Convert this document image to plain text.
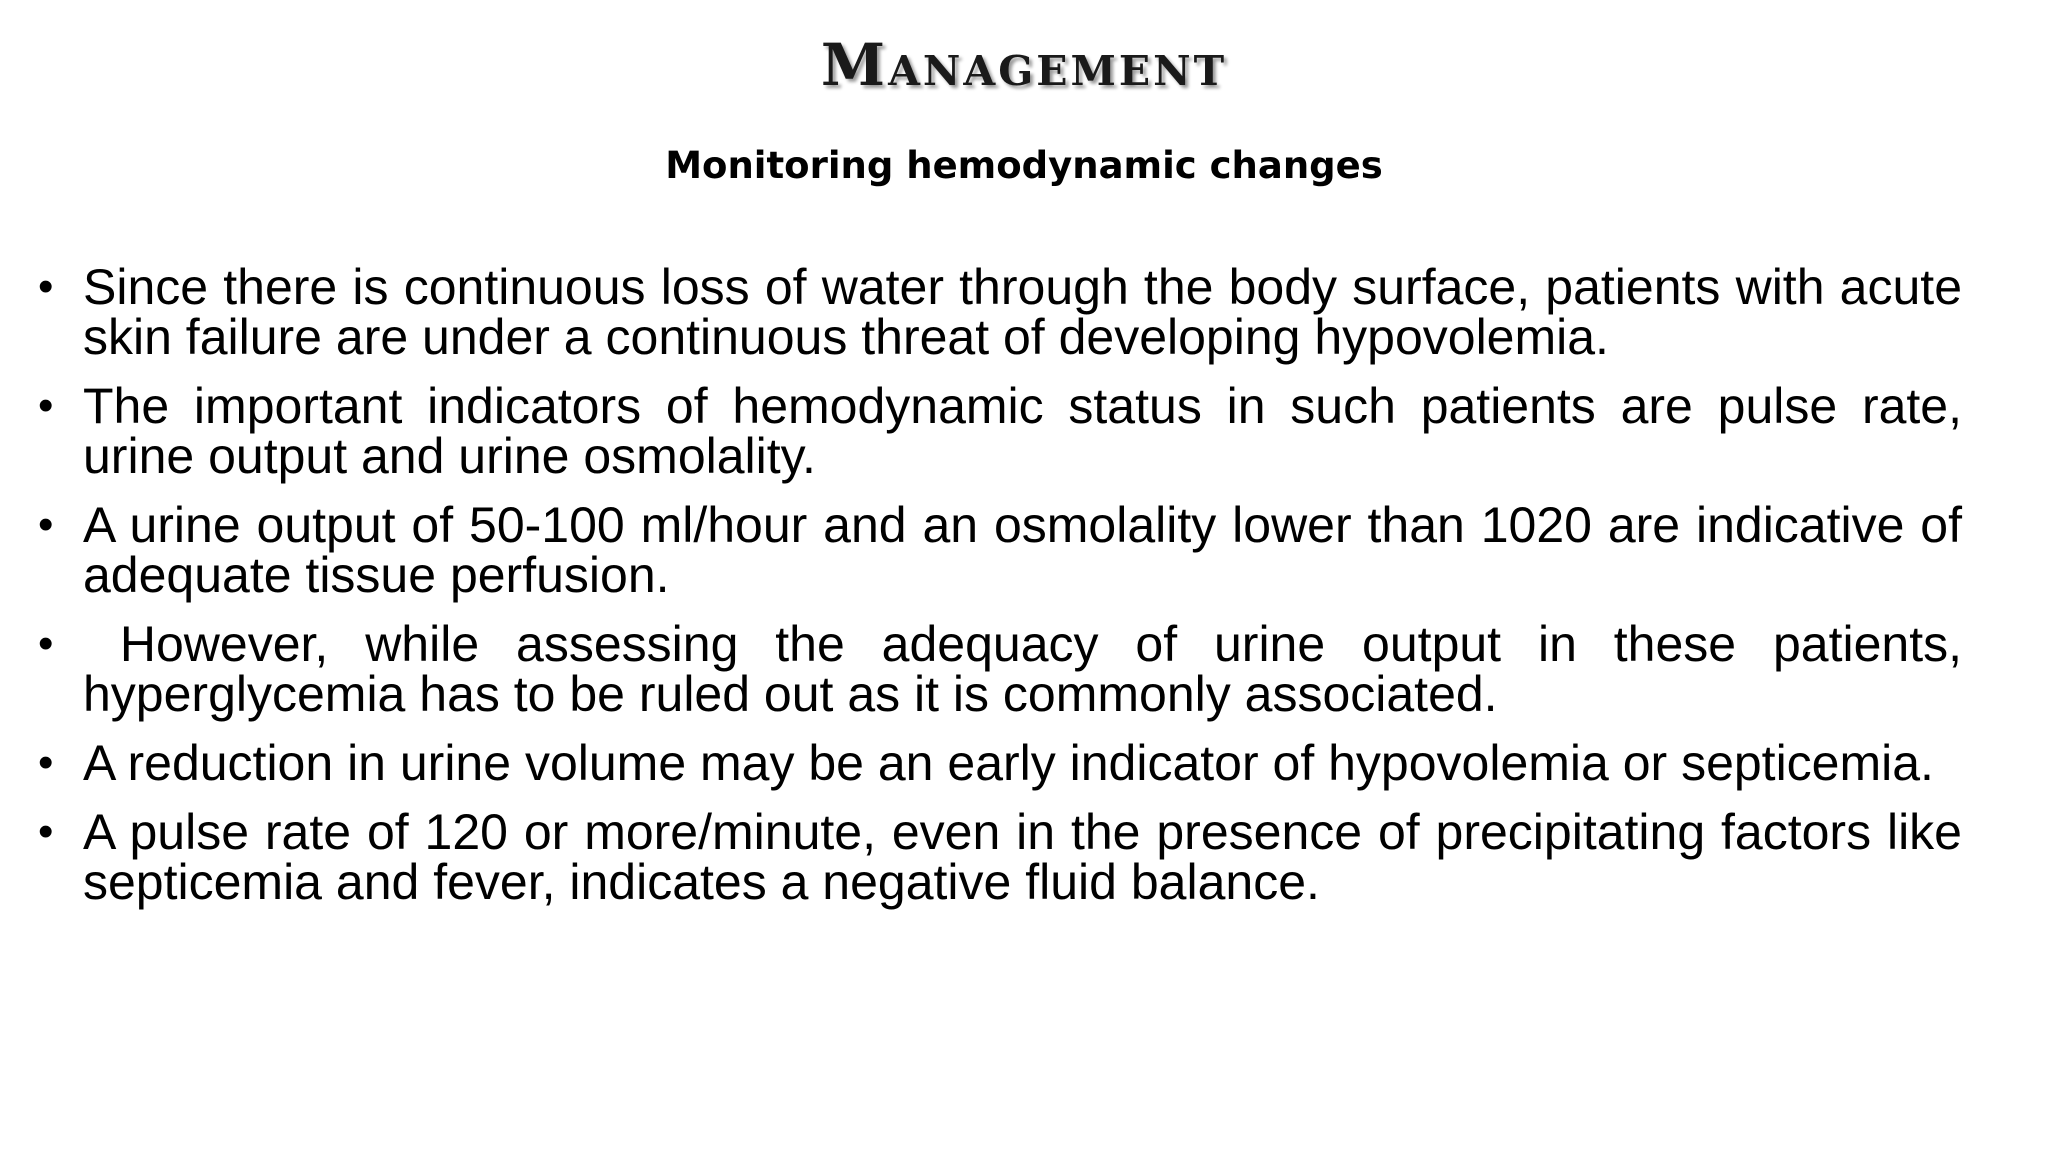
Management
Monitoring hemodynamic changes
• Since there is continuous loss of water through the body surface, patients with acute skin failure are under a continuous threat of developing hypovolemia.
• The important indicators of hemodynamic status in such patients are pulse rate, urine output and urine osmolality.
• A urine output of 50-100 ml/hour and an osmolality lower than 1020 are indicative of adequate tissue perfusion.
• However, while assessing the adequacy of urine output in these patients, hyperglycemia has to be ruled out as it is commonly associated.
• A reduction in urine volume may be an early indicator of hypovolemia or septicemia.
• A pulse rate of 120 or more/minute, even in the presence of precipitating factors like septicemia and fever, indicates a negative fluid balance.
